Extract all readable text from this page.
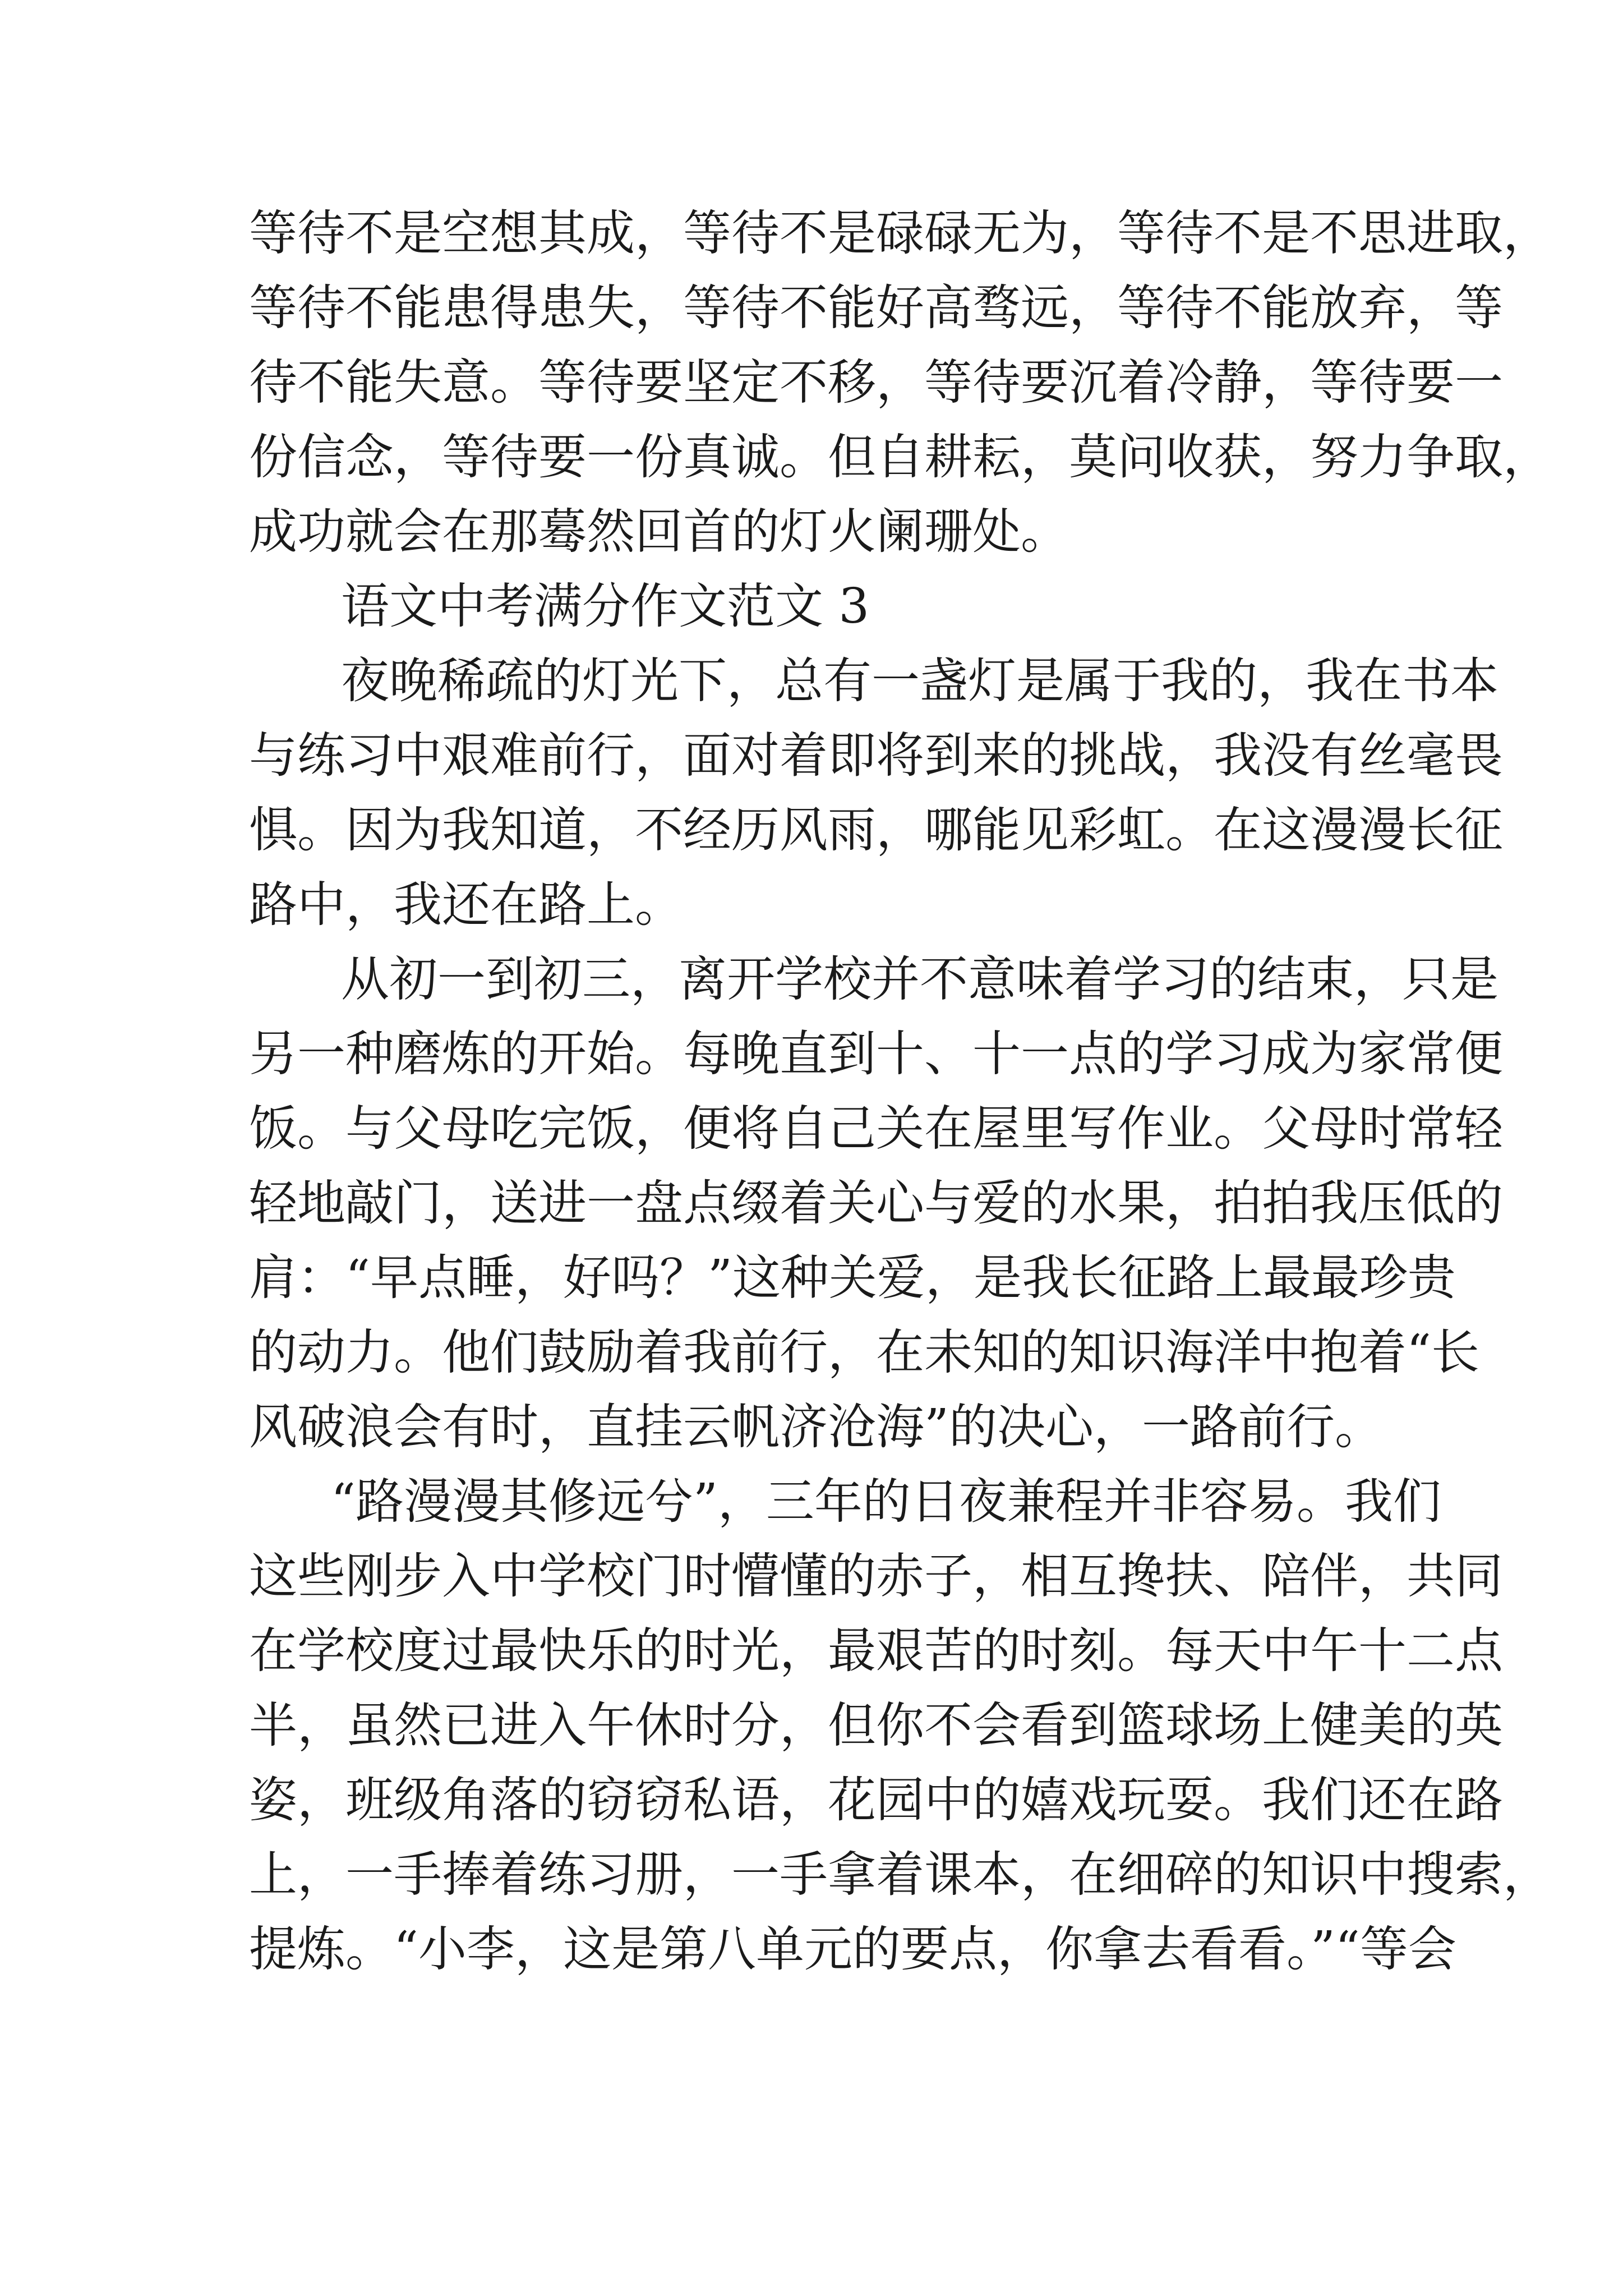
等待不是空想其成，等待不是碌碌无为，等待不是不思进取，
等待不能患得患失，等待不能好高骛远，等待不能放弃，等
待不能失意。等待要坚定不移，等待要沉着冷静，等待要一
份信念，等待要一份真诚。但自耕耘，莫问收获，努力争取，
成功就会在那蓦然回首的灯火阑珊处。
语文中考满分作文范文 3
夜晚稀疏的灯光下，总有一盏灯是属于我的，我在书本
与练习中艰难前行，面对着即将到来的挑战，我没有丝毫畏
惧。因为我知道，不经历风雨，哪能见彩虹。在这漫漫长征
路中，我还在路上。
从初一到初三，离开学校并不意味着学习的结束，只是
另一种磨炼的开始。每晚直到十、十一点的学习成为家常便
饭。与父母吃完饭，便将自己关在屋里写作业。父母时常轻
轻地敲门，送进一盘点缀着关心与爱的水果，拍拍我压低的
肩：“早点睡，好吗？”这种关爱，是我长征路上最最珍贵
的动力。他们鼓励着我前行，在未知的知识海洋中抱着“长
风破浪会有时，直挂云帆济沧海”的决心，一路前行。
“路漫漫其修远兮”，三年的日夜兼程并非容易。我们
这些刚步入中学校门时懵懂的赤子，相互搀扶、陪伴，共同
在学校度过最快乐的时光，最艰苦的时刻。每天中午十二点
半，虽然已进入午休时分，但你不会看到篮球场上健美的英
姿，班级角落的窃窃私语，花园中的嬉戏玩耍。我们还在路
上，一手捧着练习册，一手拿着课本，在细碎的知识中搜索，
提炼。“小李，这是第八单元的要点，你拿去看看。”“等会
